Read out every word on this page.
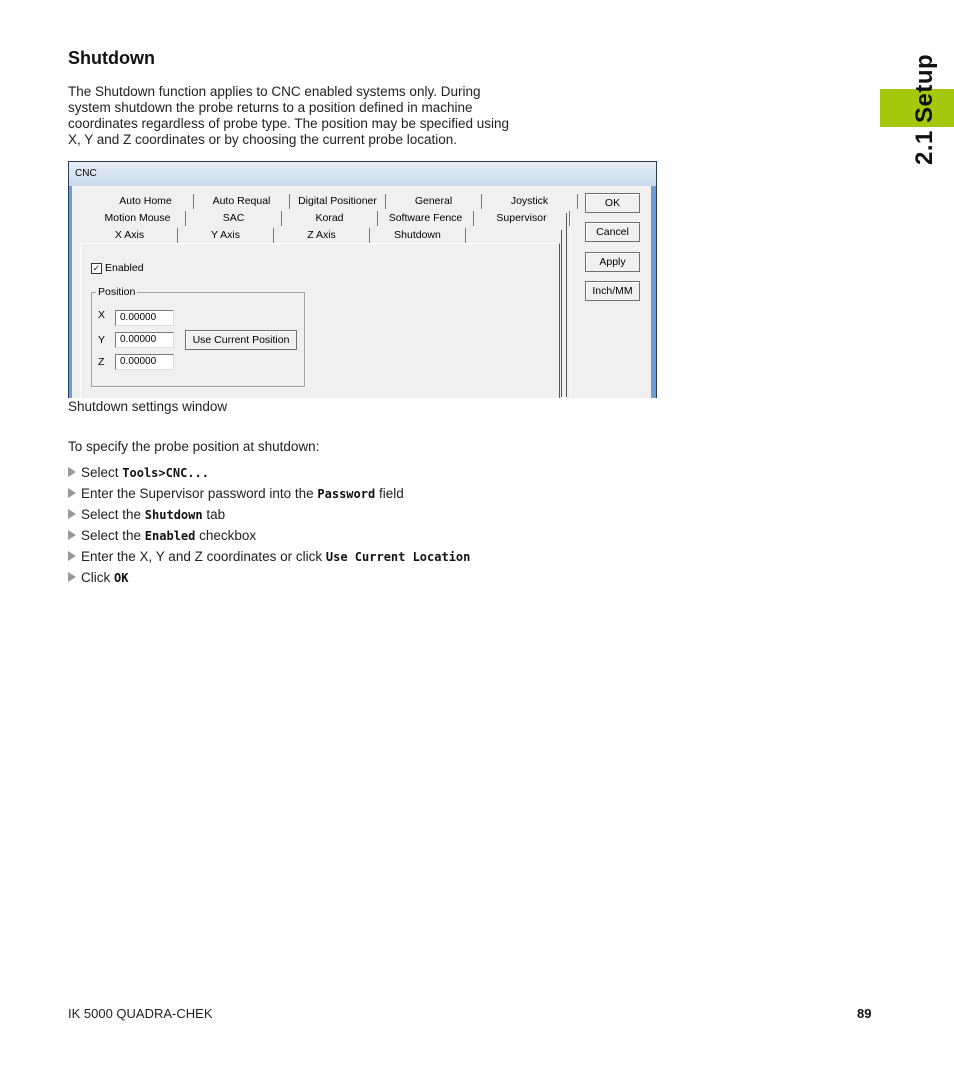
Shutdown

The Shutdown function applies to CNC enabled systems only. During system shutdown the probe returns to a position defined in machine coordinates regardless of probe type. The position may be specified using X, Y and Z coordinates or by choosing the current probe location.	2.1 Setup
CNC
Auto Home	Auto Requal	Digital Positioner	General	Joystick
Motion Mouse	SAC	Korad	Software Fence	Supervisor
X Axis	Y Axis	Z Axis	Shutdown
✓ Enabled
Position
X	0.00000
Y	0.00000
Z	0.00000
Use Current Position
OK
Cancel
Apply
Inch/MM

Shutdown settings window

To specify the probe position at shutdown:

Select Tools>CNC...
Enter the Supervisor password into the Password field
Select the Shutdown tab
Select the Enabled checkbox
Enter the X, Y and Z coordinates or click Use Current Location
Click OK
IK 5000 QUADRA-CHEK	89
